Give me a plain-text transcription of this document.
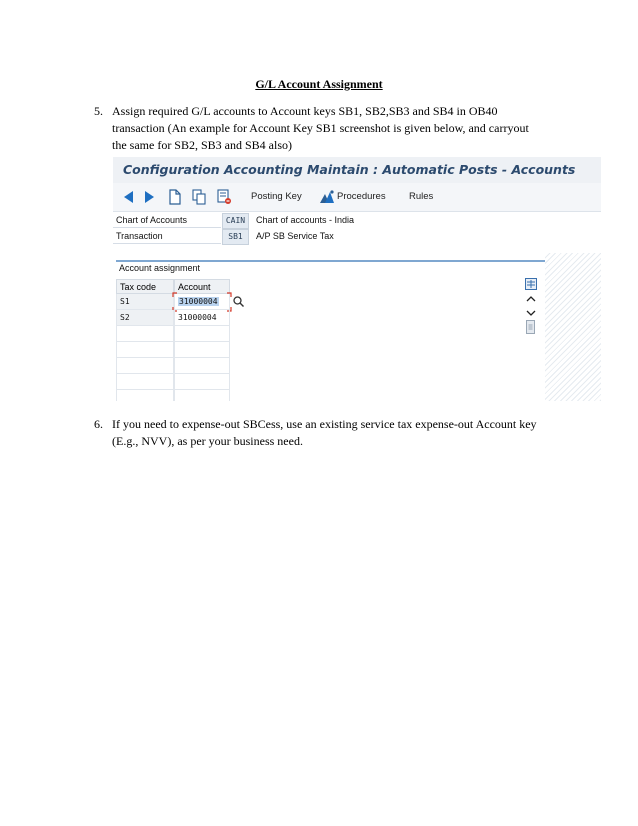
G/L Account Assignment
5. Assign required G/L accounts to Account keys SB1, SB2,SB3 and SB4 in OB40
transaction (An example for Account Key SB1 screenshot is given below, and carryout
the same for SB2, SB3 and SB4 also)
Configuration Accounting Maintain : Automatic Posts - Accounts
Posting Key	Procedures Rules
Chart of Accounts	CAIN	Chart of accounts - India
Transaction	SB1	A/P SB Service Tax
Account assignment
Tax code	Account
S1	31000004
S2	31000004
6. If you need to expense-out SBCess, use an existing service tax expense-out Account key
(E.g., NVV), as per your business need.
